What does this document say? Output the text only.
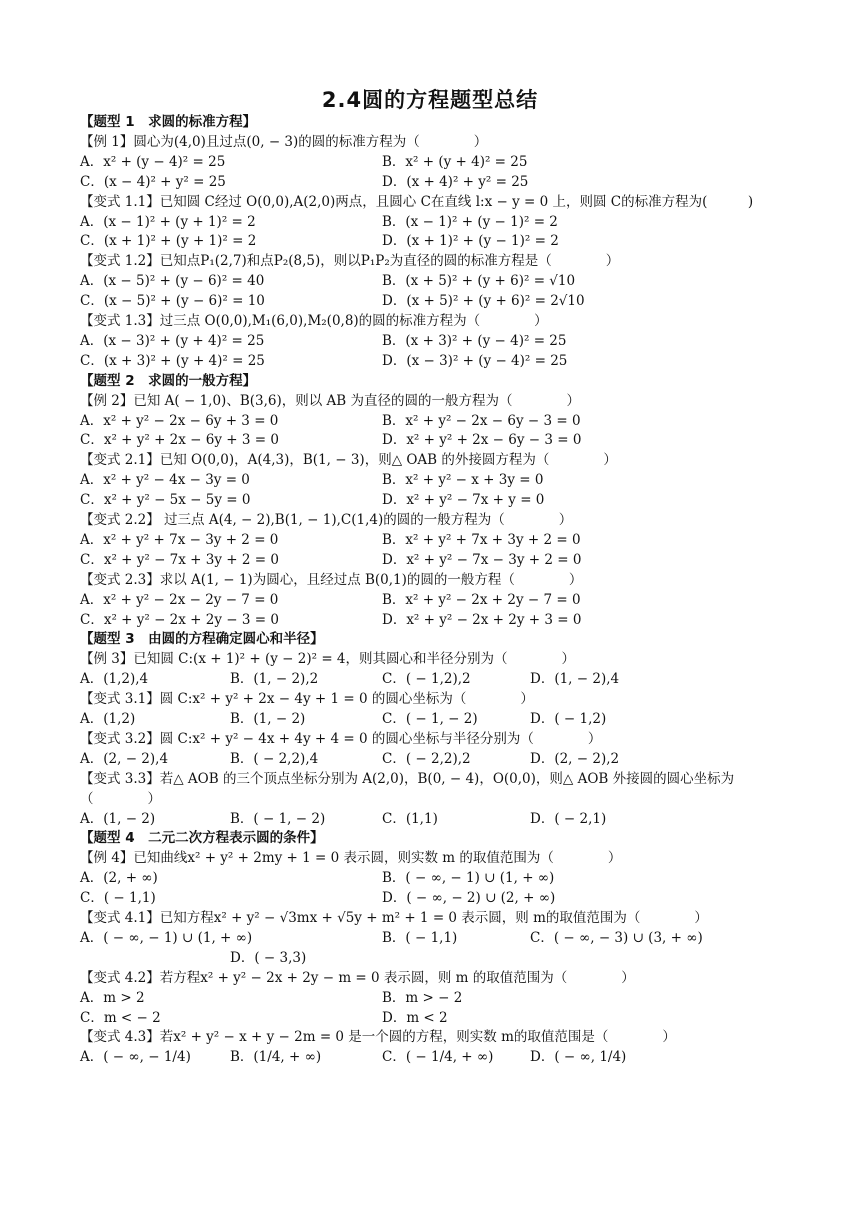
2.4圆的方程题型总结
【题型 1　求圆的标准方程】
【例 1】圆心为(4,0)且过点(0, − 3)的圆的标准方程为（　　　　）
A．x² + (y − 4)² = 25	B．x² + (y + 4)² = 25
C．(x − 4)² + y² = 25	D．(x + 4)² + y² = 25
【变式 1.1】已知圆 C经过 O(0,0),A(2,0)两点，且圆心 C在直线 l:x − y = 0 上，则圆 C的标准方程为(　　　)
A．(x − 1)² + (y + 1)² = 2	B．(x − 1)² + (y − 1)² = 2
C．(x + 1)² + (y + 1)² = 2	D．(x + 1)² + (y − 1)² = 2
【变式 1.2】已知点P₁(2,7)和点P₂(8,5)，则以P₁P₂为直径的圆的标准方程是（　　　　）
A．(x − 5)² + (y − 6)² = 40	B．(x + 5)² + (y + 6)² = √10
C．(x − 5)² + (y − 6)² = 10	D．(x + 5)² + (y + 6)² = 2√10
【变式 1.3】过三点 O(0,0),M₁(6,0),M₂(0,8)的圆的标准方程为（　　　　）
A．(x − 3)² + (y + 4)² = 25	B．(x + 3)² + (y − 4)² = 25
C．(x + 3)² + (y + 4)² = 25	D．(x − 3)² + (y − 4)² = 25
【题型 2　求圆的一般方程】
【例 2】已知 A( − 1,0)、B(3,6)，则以 AB 为直径的圆的一般方程为（　　　　）
A．x² + y² − 2x − 6y + 3 = 0	B．x² + y² − 2x − 6y − 3 = 0
C．x² + y² + 2x − 6y + 3 = 0	D．x² + y² + 2x − 6y − 3 = 0
【变式 2.1】已知 O(0,0)，A(4,3)，B(1, − 3)，则△ OAB 的外接圆方程为（　　　　）
A．x² + y² − 4x − 3y = 0	B．x² + y² − x + 3y = 0
C．x² + y² − 5x − 5y = 0	D．x² + y² − 7x + y = 0
【变式 2.2】 过三点 A(4, − 2),B(1, − 1),C(1,4)的圆的一般方程为（　　　　）
A．x² + y² + 7x − 3y + 2 = 0	B．x² + y² + 7x + 3y + 2 = 0
C．x² + y² − 7x + 3y + 2 = 0	D．x² + y² − 7x − 3y + 2 = 0
【变式 2.3】求以 A(1, − 1)为圆心，且经过点 B(0,1)的圆的一般方程（　　　　）
A．x² + y² − 2x − 2y − 7 = 0	B．x² + y² − 2x + 2y − 7 = 0
C．x² + y² − 2x + 2y − 3 = 0	D．x² + y² − 2x + 2y + 3 = 0
【题型 3　由圆的方程确定圆心和半径】
【例 3】已知圆 C:(x + 1)² + (y − 2)² = 4，则其圆心和半径分别为（　　　　）
A．(1,2),4	B．(1, − 2),2	C．( − 1,2),2	D．(1, − 2),4
【变式 3.1】圆 C:x² + y² + 2x − 4y + 1 = 0 的圆心坐标为（　　　　）
A．(1,2)	B．(1, − 2)	C．( − 1, − 2)	D．( − 1,2)
【变式 3.2】圆 C:x² + y² − 4x + 4y + 4 = 0 的圆心坐标与半径分别为（　　　　）
A．(2, − 2),4	B．( − 2,2),4	C．( − 2,2),2	D．(2, − 2),2
【变式 3.3】若△ AOB 的三个顶点坐标分别为 A(2,0)，B(0, − 4)，O(0,0)，则△ AOB 外接圆的圆心坐标为
（　　　　）
A．(1, − 2)	B．( − 1, − 2)	C．(1,1)	D．( − 2,1)
【题型 4　二元二次方程表示圆的条件】
【例 4】已知曲线x² + y² + 2my + 1 = 0 表示圆，则实数 m 的取值范围为（　　　　）
A．(2, + ∞)	B．( − ∞, − 1) ∪ (1, + ∞)
C．( − 1,1)	D．( − ∞, − 2) ∪ (2, + ∞)
【变式 4.1】已知方程x² + y² − √3mx + √5y + m² + 1 = 0 表示圆，则 m的取值范围为（　　　　）
A．( − ∞, − 1) ∪ (1, + ∞)	B．( − 1,1)	C．( − ∞, − 3) ∪ (3, + ∞)
D．( − 3,3)
【变式 4.2】若方程x² + y² − 2x + 2y − m = 0 表示圆，则 m 的取值范围为（　　　　）
A．m > 2	B．m > − 2
C．m < − 2	D．m < 2
【变式 4.3】若x² + y² − x + y − 2m = 0 是一个圆的方程，则实数 m的取值范围是（　　　　）
A．( − ∞, − 1/4)	B．(1/4, + ∞)	C．( − 1/4, + ∞)	D．( − ∞, 1/4)
